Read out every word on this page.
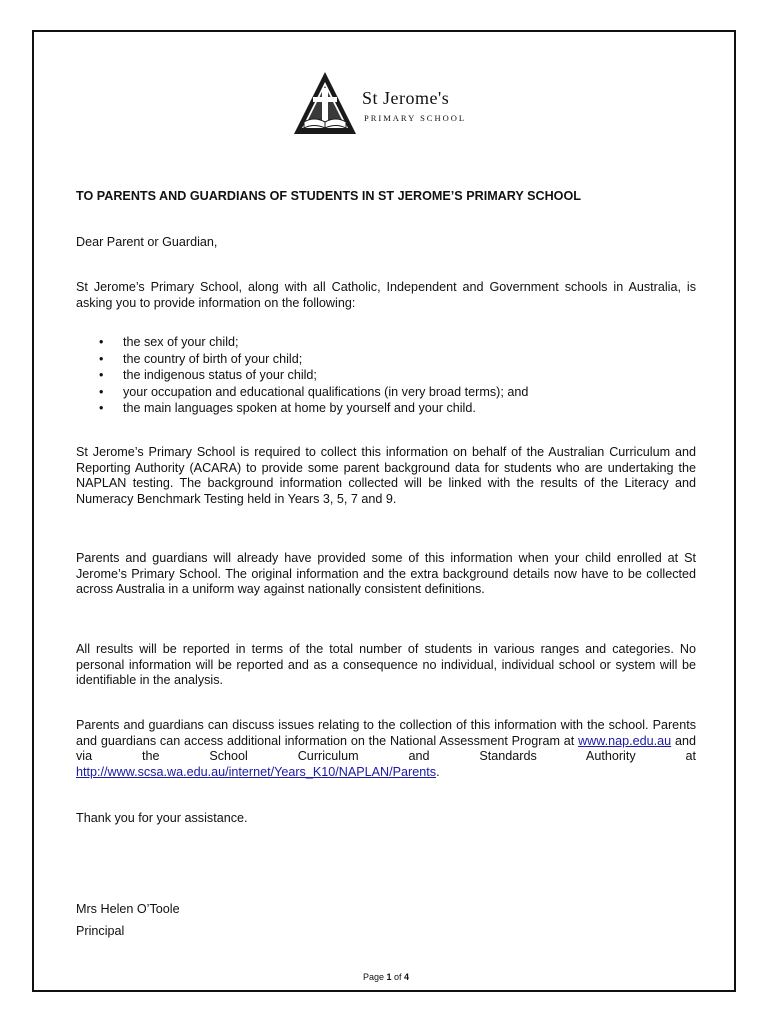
St Jerome's
PRIMARY SCHOOL
TO PARENTS AND GUARDIANS OF STUDENTS IN ST JEROME’S PRIMARY SCHOOL
Dear Parent or Guardian,

St Jerome’s Primary School, along with all Catholic, Independent and Government schools in Australia, is asking you to provide information on the following:

• the sex of your child;
• the country of birth of your child;
• the indigenous status of your child;
• your occupation and educational qualifications (in very broad terms); and
• the main languages spoken at home by yourself and your child.

St Jerome’s Primary School is required to collect this information on behalf of the Australian Curriculum and Reporting Authority (ACARA) to provide some parent background data for students who are undertaking the NAPLAN testing. The background information collected will be linked with the results of the Literacy and Numeracy Benchmark Testing held in Years 3, 5, 7 and 9.

Parents and guardians will already have provided some of this information when your child enrolled at St Jerome’s Primary School. The original information and the extra background details now have to be collected across Australia in a uniform way against nationally consistent definitions.

All results will be reported in terms of the total number of students in various ranges and categories. No personal information will be reported and as a consequence no individual, individual school or system will be identifiable in the analysis.

Parents and guardians can discuss issues relating to the collection of this information with the school. Parents and guardians can access additional information on the National Assessment Program at www.nap.edu.au and via the School Curriculum and Standards Authority at http://www.scsa.wa.edu.au/internet/Years_K10/NAPLAN/Parents.

Thank you for your assistance.
Mrs Helen O’Toole
Principal
Page 1 of 4
